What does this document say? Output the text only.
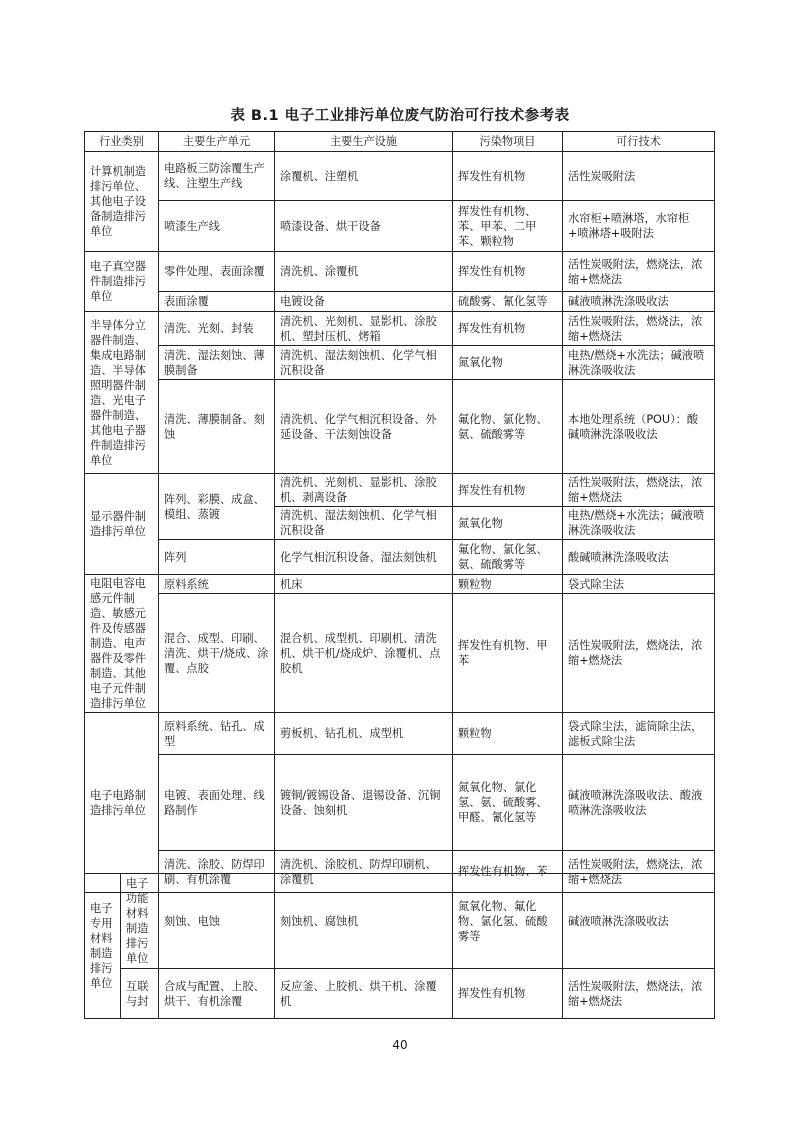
表 B.1 电子工业排污单位废气防治可行技术参考表
行业类别	主要生产单元	主要生产设施	污染物项目	可行技术
计算机制造排污单位、其他电子设备制造排污单位	电路板三防涂覆生产线、注塑生产线	涂覆机、注塑机	挥发性有机物	活性炭吸附法
	喷漆生产线	喷漆设备、烘干设备	挥发性有机物、苯、甲苯、二甲苯、颗粒物	水帘柜+喷淋塔，水帘柜+喷淋塔+吸附法
电子真空器件制造排污单位	零件处理、表面涂覆	清洗机、涂覆机	挥发性有机物	活性炭吸附法，燃烧法，浓缩+燃烧法
	表面涂覆	电镀设备	硫酸雾、氰化氢等	碱液喷淋洗涤吸收法
半导体分立器件制造、集成电路制造、半导体照明器件制造、光电子器件制造、其他电子器件制造排污单位	清洗、光刻、封装	清洗机、光刻机、显影机、涂胶机、塑封压机、烤箱	挥发性有机物	活性炭吸附法，燃烧法，浓缩+燃烧法
	清洗、湿法刻蚀、薄膜制备	清洗机、湿法刻蚀机、化学气相沉积设备	氮氧化物	电热/燃烧+水洗法；碱液喷淋洗涤吸收法
	清洗、薄膜制备、刻蚀	清洗机、化学气相沉积设备、外延设备、干法刻蚀设备	氟化物、氯化物、氨、硫酸雾等	本地处理系统（POU）：酸碱喷淋洗涤吸收法
显示器件制造排污单位	阵列、彩膜、成盒、模组、蒸镀	清洗机、光刻机、显影机、涂胶机、剥离设备	挥发性有机物	活性炭吸附法，燃烧法，浓缩+燃烧法
		清洗机、湿法刻蚀机、化学气相沉积设备	氮氧化物	电热/燃烧+水洗法；碱液喷淋洗涤吸收法
	阵列	化学气相沉积设备、湿法刻蚀机	氟化物、氯化氢、氨、硫酸雾等	酸碱喷淋洗涤吸收法
电阻电容电感元件制造、敏感元件及传感器制造、电声器件及零件制造、其他电子元件制造排污单位	原料系统	机床	颗粒物	袋式除尘法
	混合、成型、印刷、清洗、烘干/烧成、涂覆、点胶	混合机、成型机、印刷机、清洗机、烘干机/烧成炉、涂覆机、点胶机	挥发性有机物、甲苯	活性炭吸附法，燃烧法，浓缩+燃烧法
电子电路制造排污单位	原料系统、钻孔、成型	剪板机、钻孔机、成型机	颗粒物	袋式除尘法，滤筒除尘法，滤板式除尘法
	电镀、表面处理、线路制作	镀铜/镀锡设备、退锡设备、沉铜设备、蚀刻机	氮氧化物、氯化氢、氨、硫酸雾、甲醛、氰化氢等	碱液喷淋洗涤吸收法、酸液喷淋洗涤吸收法
	清洗、涂胶、防焊印刷、有机涂覆	清洗机、涂胶机、防焊印刷机、涂覆机	挥发性有机物、苯	活性炭吸附法，燃烧法，浓缩+燃烧法
电子专用材料制造排污单位	电子功能材料制造排污单位	刻蚀、电蚀	刻蚀机、腐蚀机	氮氧化物、氟化物、氯化氢、硫酸雾等	碱液喷淋洗涤吸收法
	互联与封	合成与配置、上胶、烘干、有机涂覆	反应釜、上胶机、烘干机、涂覆机	挥发性有机物	活性炭吸附法，燃烧法，浓缩+燃烧法
40
